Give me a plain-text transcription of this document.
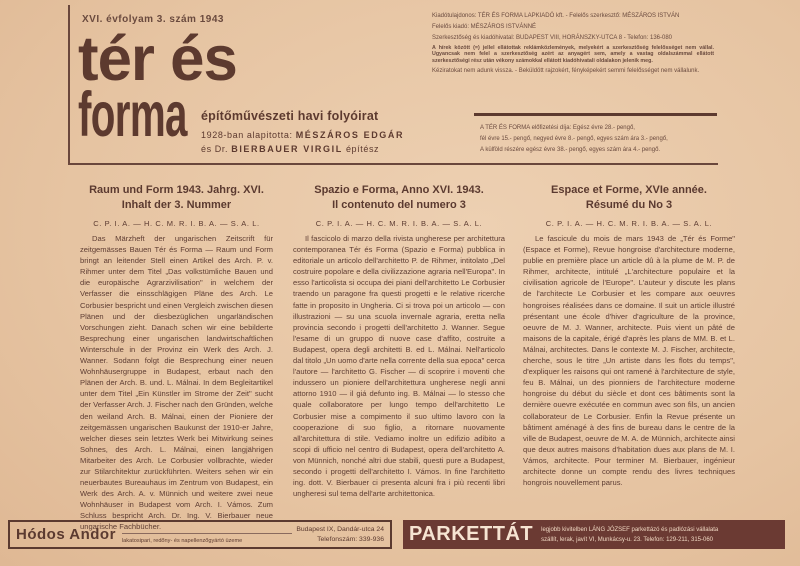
XVI. évfolyam 3. szám 1943
tér és
forma építőművészeti havi folyóirat
1928-ban alapitotta: MÉSZÁROS EDGÁR
és Dr. BIERBAUER VIRGIL építész

Kiadótulajdonos: TÉR ÉS FORMA LAPKIADÓ kft. - Felelős szerkesztő: MÉSZÁROS ISTVÁN

Felelős kiadó: MÉSZÁROS ISTVÁNNÉ

Szerkesztőség és kiadóhivatal: BUDAPEST VIII, HORÁNSZKY-UTCA 8 - Telefon: 136-080

A hírek között (=) jellel ellátottak reklámközlemények, melyekért a szerkesztőség felelősséget nem vállal. Ugyancsak nem felel a szerkesztőség azért az anyagért sem, amely a vastag oldalszámmal ellátott szerkesztőségi rész után vékony számokkal ellátott kiadóhivatali oldalakon jelenik meg.

Kéziratokat nem adunk vissza. - Beküldött rajzokért, fényképekért semmi felelősséget nem vállalunk.

A TÉR ÉS FORMA előfizetési díja: Egész évre 28.- pengő,
fél évre 15.- pengő, negyed évre 8.- pengő, egyes szám ára 3.- pengő,
A külföld részére egész évre 38.- pengő, egyes szám ára 4.- pengő.
Raum und Form 1943. Jahrg. XVI.
Inhalt der 3. Nummer
C. P. I. A. — H. C. M. R. I. B. A. — S. A. L.

Das Märzheft der ungarischen Zeitscrift für zeitgemässes Bauen Tér és Forma — Raum und Form bringt an leitender Stell einen Artikel des Arch. P. v. Rihmer unter dem Titel „Das volkstümliche Bauen und die europäische Agrarzivilisation" in welchem der Verfasser die einsschlägigen Pläne des Arch. Le Corbusier bespricht und einen Vergleich zwischen diesen Plänen und der diesbezüglichen ungarländischen Vorschungen zieht. Danach schen wir eine bebilderte Besprechung einer ungarischen landwirtschaftlichen Winterschule in der Provinz ein Werk des Arch. J. Wanner. Sodann folgt die Besprechung einer neuen Wohnhäusergruppe in Budapest, erbaut nach den Plänen der Arch. B. und. L. Málnai. In dem Begleitartikel unter dem Titel „Ein Künstler im Strome der Zeit" sucht der Verfasser Arch. J. Fischer nach den Gründen, welche den weiland Arch. B. Málnai, einen der Pioniere der zeitgemässen ungarischen Baukunst der 1910-er Jahre, welcher dieses sein letztes Werk bei Mitwirkung seines Sohnes, des Arch. L. Málnai, einen langjährigen Mitarbeiter des Arch. Le Corbusier vollbrachte, wieder zur Stilarchitektur zurückführten. Weiters sehen wir ein neuerbautes Bureauhaus im Zentrum von Budapest, ein Werk des Arch. A. v. Münnich und weitere zwei neue Wohnhäuser in Budapest vom Arch. I. Vámos. Zum Schluss bespricht Arch. Dr. Ing. V. Bierbauer neue ungarische Fachbücher.

Spazio e Forma, Anno XVI. 1943.
Il contenuto del numero 3
C. P. I. A. — H. C. M. R. I. B. A. — S. A. L.

Il fascicolo di marzo della rivista ungherese per architettura contemporanea Tér és Forma (Spazio e Forma) pubblica in editoriale un articolo dell'architetto P. de Rihmer, intitolato „Del costruire popolare e della civilizzazione agraria nell'Europa". In esso l'articolista si occupa dei piani dell'architetto Le Corbusier traendo un paragone fra questi progetti e le relative ricerche fatte in proposito in Ungheria. Ci si trova poi un articolo — con illustrazioni — su una scuola invernale agraria, eretta nella provincia secondo i progetti dell'architetto J. Wanner. Segue l'esame di un gruppo di nuove case d'affito, costruite a Budapest, opera degli architetti B. ed L. Málnai. Nell'articolo dal titolo „Un uomo d'arte nella corrente della sua epoca" cerca l'autore — l'architetto G. Fischer — di scoprire i moventi che indussero un pioniere dell'architettura ungherese negli anni attorno 1910 — il giá defunto ing. B. Málnai — lo stesso che quale collaboratore per lungo tempo dell'architetto Le Corbusier mise a compimento il suo ultimo lavoro con la cooperazione di suo figlio, a ritornare nuovamente all'architettura di stile. Vediamo inoltre un edifizio adibito a scopi di ufficio nel centro di Budapest, opera dell'architetto A. von Münnich, nonché altri due stabili, questi pure a Budapest, secondo i progetti dell'architetto I. Vámos. In fine l'architetto ing. dott. V. Bierbauer ci presenta alcuni fra i più recenti libri ungheresi sul tema dell'arte architettonica.

Espace et Forme, XVIe année.
Résumé du No 3
C. P. I. A. — H. C. M. R. I. B. A. — S. A. L.

Le fascicule du mois de mars 1943 de „Tér és Forme" (Espace et Forme), Revue hongroise d'architecture moderne, publie en première place un article dû à la plume de M. P. de Rihmer, architecte, intitulé „L'architecture populaire et la civilisation agricole de l'Europe". L'auteur y discute les plans de l'architecte Le Corbusier et les compare aux oeuvres hongroises réalisées dans ce domaine. Il suit un article illustré présentant une école d'hiver d'agriculture de la province, oeuvre de M. J. Wanner, architecte. Puis vient un pâté de maisons de la capitale, érigé d'après les plans de MM. B. et L. Málnai, architectes. Dans le contexte M. J. Fischer, architecte, cherche, sous le titre „Un artiste dans les flots du temps", d'expliquer les raisons qui ont ramené à l'architecture de style, feu B. Málnai, un des pionniers de l'architecture moderne hongroise du début du siècle et dont ces bâtiments sont la dernière ouevre exécutée en commun avec son fils, un ancien collaborateur de Le Corbusier. Enfin la Revue présente un bâtiment aménagé à des fins de bureau dans le centre de la ville de Budapest, oeuvre de M. A. de Münnich, architecte ainsi que deux autres maisons d'habitation dues aux plans de M. I. Vámos, architecte. Pour terminer M. Bierbauer, ingénieur architecte donne un compte rendu des livres techniques hongrois nouvellement parus.

Hódos Andor lakatosipari, redőny- és napellenzőgyártó üzeme
Budapest IX, Dandár-utca 24
Telefonszám: 339-936 PARKETTÁT legjobb kivitelben LÁNG JÓZSEF parkettázó és padlózási vállalata
szállít, lerak, javít VI, Munkácsy-u. 23. Telefon: 129-211, 315-060
